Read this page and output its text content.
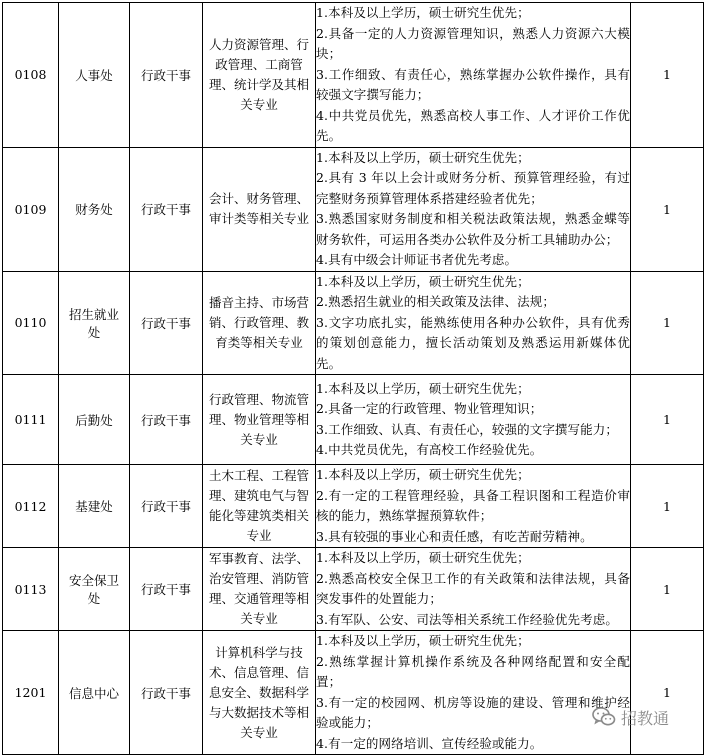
0108	人事处	行政干事	人力资源管理、行政管理、工商管理、统计学及其相关专业	1.本科及以上学历，硕士研究生优先；
2.具备一定的人力资源管理知识，熟悉人力资源六大模块；
3.工作细致、有责任心，熟练掌握办公软件操作，具有较强文字撰写能力；
4.中共党员优先，熟悉高校人事工作、人才评价工作优先。	1
0109	财务处	行政干事	会计、财务管理、审计类等相关专业	1.本科及以上学历，硕士研究生优先；
2.具有 3 年以上会计或财务分析、预算管理经验，有过完整财务预算管理体系搭建经验者优先；
3.熟悉国家财务制度和相关税法政策法规，熟悉金蝶等财务软件，可运用各类办公软件及分析工具辅助办公；
4.具有中级会计师证书者优先考虑。	1
0110	招生就业处	行政干事	播音主持、市场营销、行政管理、教育类等相关专业	1.本科及以上学历，硕士研究生优先；
2.熟悉招生就业的相关政策及法律、法规；
3.文字功底扎实，能熟练使用各种办公软件，具有优秀的策划创意能力，擅长活动策划及熟悉运用新媒体优先。	1
0111	后勤处	行政干事	行政管理、物流管理、物业管理等相关专业	1.本科及以上学历，硕士研究生优先；
2.具备一定的行政管理、物业管理知识；
3.工作细致、认真、有责任心，较强的文字撰写能力；
4.中共党员优先，有高校工作经验优先。	1
0112	基建处	行政干事	土木工程、工程管理、建筑电气与智能化等建筑类相关专业	1.本科及以上学历，硕士研究生优先；
2.有一定的工程管理经验，具备工程识图和工程造价审核的能力，熟练掌握预算软件；
3.具有较强的事业心和责任感，有吃苦耐劳精神。	1
0113	安全保卫处	行政干事	军事教育、法学、治安管理、消防管理、交通管理等相关专业	1.本科及以上学历，硕士研究生优先；
2.熟悉高校安全保卫工作的有关政策和法律法规，具备突发事件的处置能力；
3.有军队、公安、司法等相关系统工作经验优先考虑。	1
1201	信息中心	行政干事	计算机科学与技术、信息管理、信息安全、数据科学与大数据技术等相关专业	1.本科及以上学历，硕士研究生优先；
2.熟练掌握计算机操作系统及各种网络配置和安全配置；
3.有一定的校园网、机房等设施的建设、管理和维护经验或能力；
4.有一定的网络培训、宣传经验或能力。	1
招教通
